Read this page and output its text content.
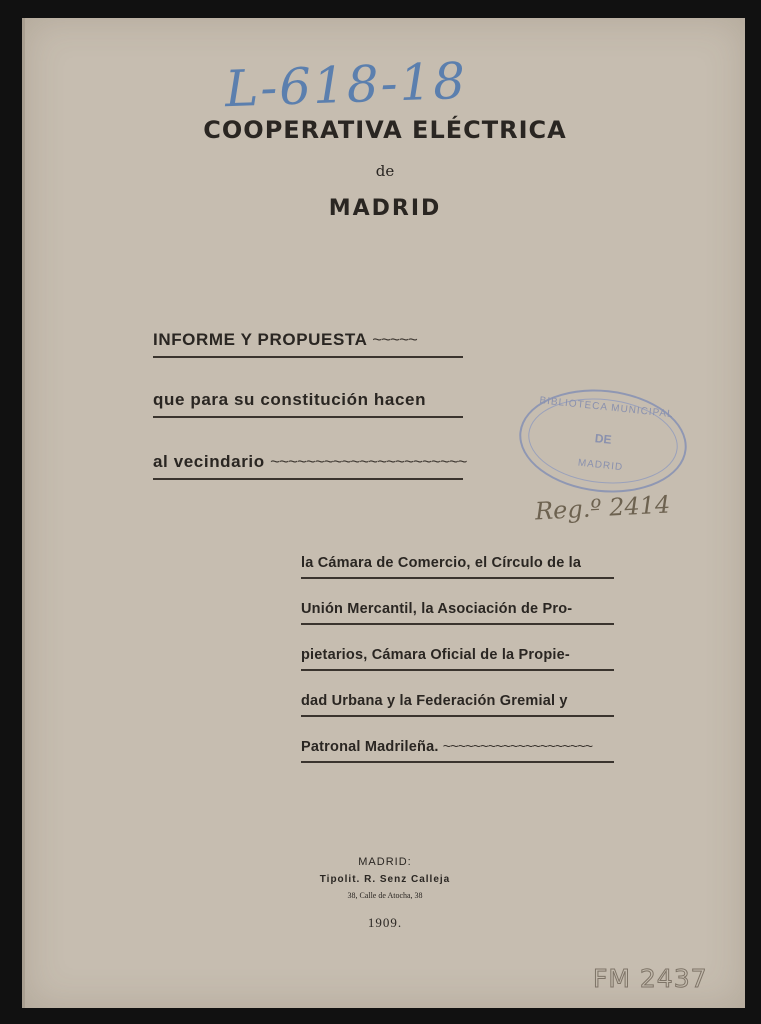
L-618-18
COOPERATIVA ELÉCTRICA
de
MADRID
INFORME Y PROPUESTA ~~~~~
que para su constitución hacen
al vecindario ~~~~~~~~~~~~~~~~~~~~~~
BIBLIOTECA MUNICIPAL
DE
MADRID
Reg.º 2414
la Cámara de Comercio, el Círculo de la
Unión Mercantil, la Asociación de Pro-
pietarios, Cámara Oficial de la Propie-
dad Urbana y la Federación Gremial y
Patronal Madrileña. ~~~~~~~~~~~~~~~~~~~~
MADRID:
Tipolit. R. Senz Calleja
38, Calle de Atocha, 38
1909.
FM 2437
